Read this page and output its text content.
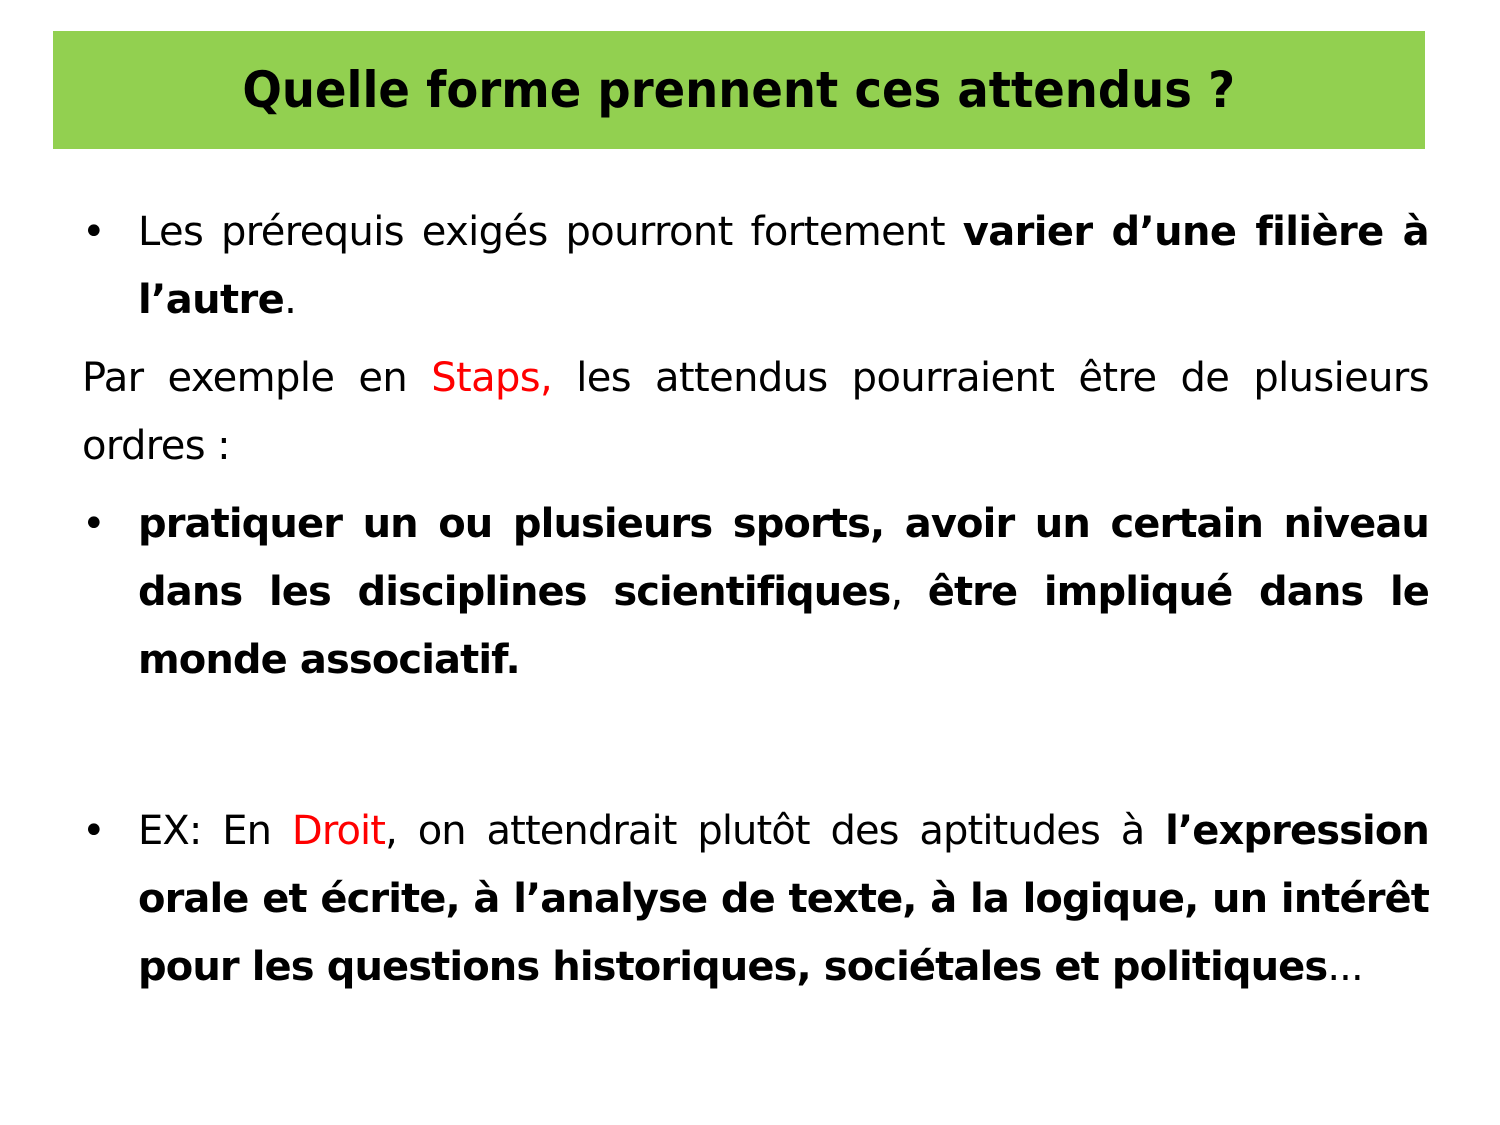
Quelle forme prennent ces attendus ?

• Les prérequis exigés pourront fortement varier d’une filière à l’autre.

Par exemple en Staps, les attendus pourraient être de plusieurs ordres :

• pratiquer un ou plusieurs sports, avoir un certain niveau dans les disciplines scientifiques, être impliqué dans le monde associatif.

• EX: En Droit, on attendrait plutôt des aptitudes à l’expression orale et écrite, à l’analyse de texte, à la logique, un intérêt pour les questions historiques, sociétales et politiques...
